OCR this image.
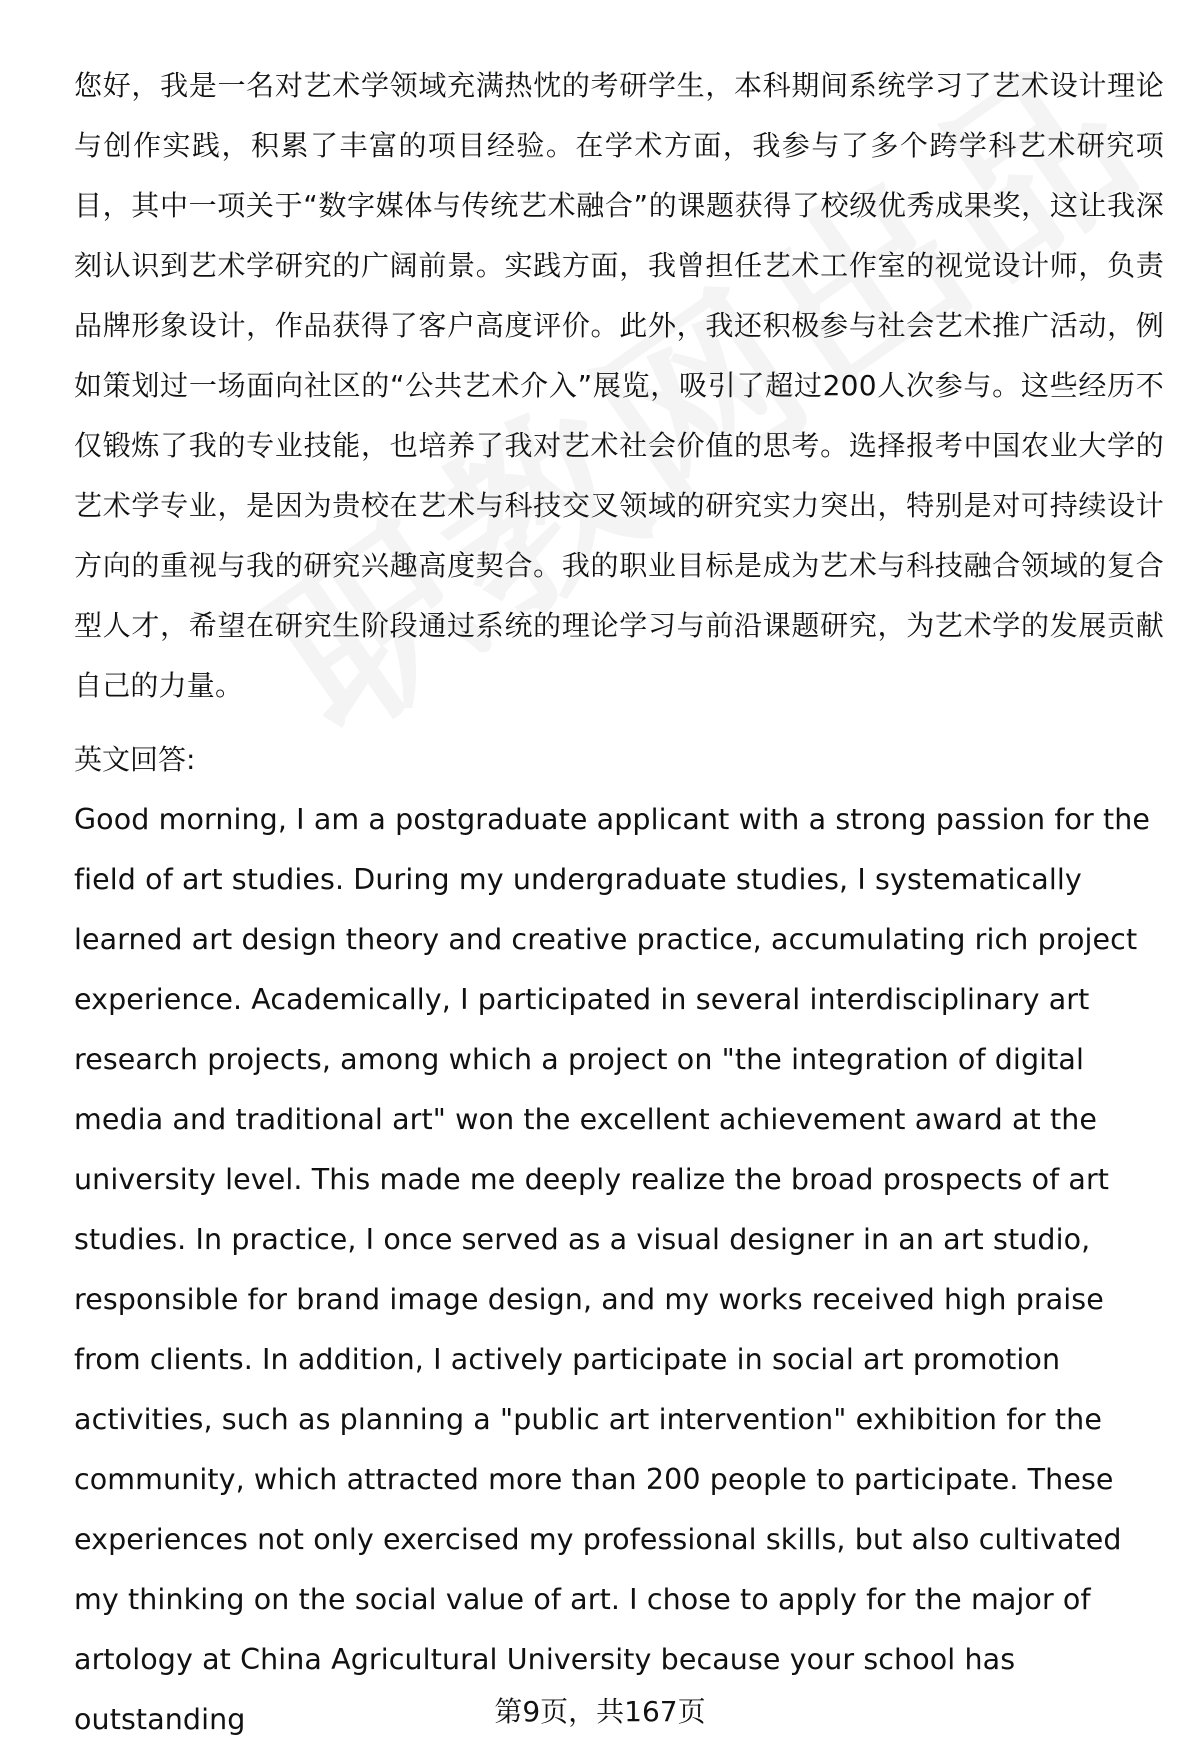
您好，我是一名对艺术学领域充满热忱的考研学生，本科期间系统学习了艺术设计理论与创作实践，积累了丰富的项目经验。在学术方面，我参与了多个跨学科艺术研究项目，其中一项关于“数字媒体与传统艺术融合”的课题获得了校级优秀成果奖，这让我深刻认识到艺术学研究的广阔前景。实践方面，我曾担任艺术工作室的视觉设计师，负责品牌形象设计，作品获得了客户高度评价。此外，我还积极参与社会艺术推广活动，例如策划过一场面向社区的“公共艺术介入”展览，吸引了超过200人次参与。这些经历不仅锻炼了我的专业技能，也培养了我对艺术社会价值的思考。选择报考中国农业大学的艺术学专业，是因为贵校在艺术与科技交叉领域的研究实力突出，特别是对可持续设计方向的重视与我的研究兴趣高度契合。我的职业目标是成为艺术与科技融合领域的复合型人才，希望在研究生阶段通过系统的理论学习与前沿课题研究，为艺术学的发展贡献自己的力量。

英文回答:

Good morning, I am a postgraduate applicant with a strong passion for the field of art studies. During my undergraduate studies, I systematically learned art design theory and creative practice, accumulating rich project experience. Academically, I participated in several interdisciplinary art research projects, among which a project on "the integration of digital media and traditional art" won the excellent achievement award at the university level. This made me deeply realize the broad prospects of art studies. In practice, I once served as a visual designer in an art studio, responsible for brand image design, and my works received high praise from clients. In addition, I actively participate in social art promotion activities, such as planning a "public art intervention" exhibition for the community, which attracted more than 200 people to participate. These experiences not only exercised my professional skills, but also cultivated my thinking on the social value of art. I chose to apply for the major of artology at China Agricultural University because your school has outstanding	第9页，共167页
